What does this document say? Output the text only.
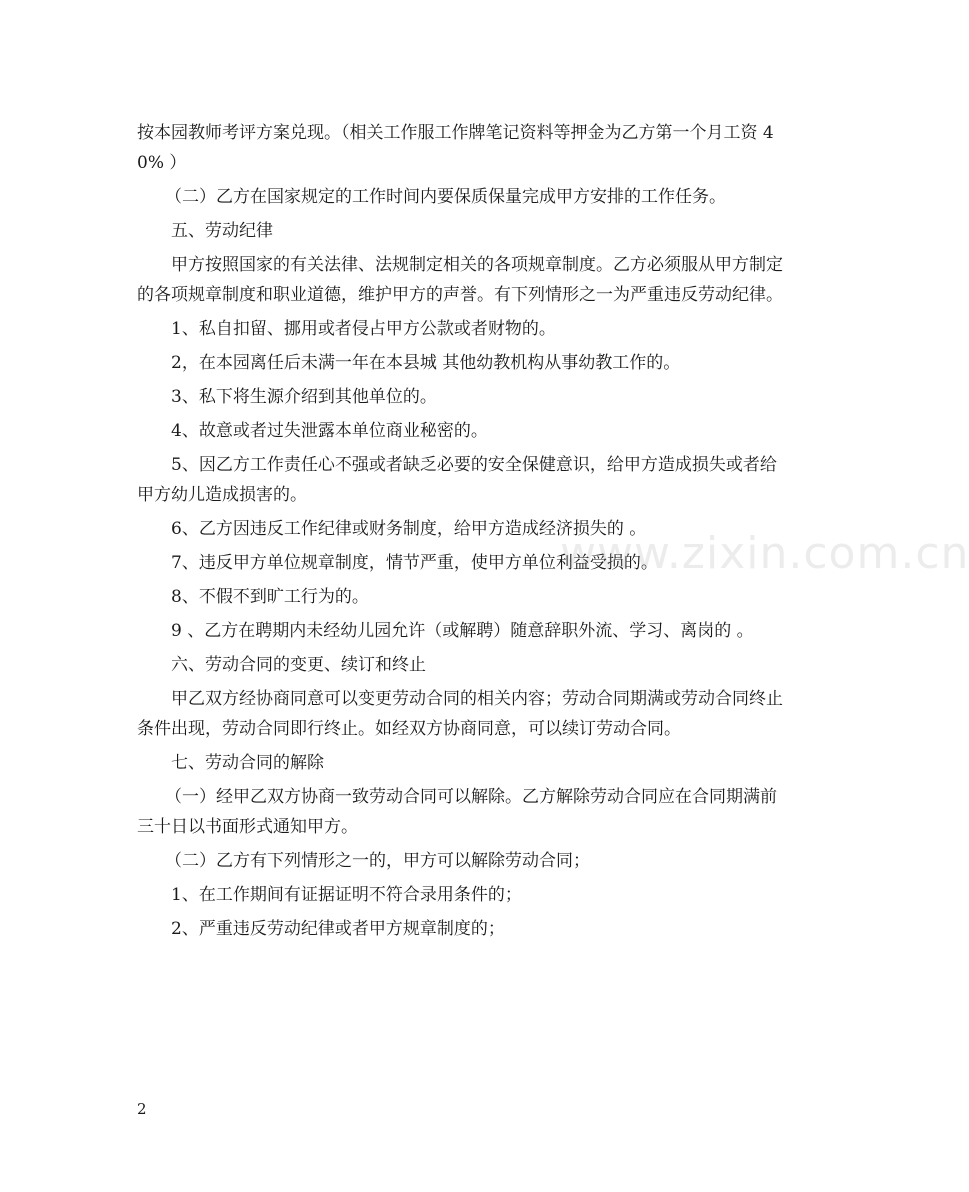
按本园教师考评方案兑现。（相关工作服工作牌笔记资料等押金为乙方第一个月工资 40% ）

（二）乙方在国家规定的工作时间内要保质保量完成甲方安排的工作任务。

五、劳动纪律

甲方按照国家的有关法律、法规制定相关的各项规章制度。乙方必须服从甲方制定的各项规章制度和职业道德，维护甲方的声誉。有下列情形之一为严重违反劳动纪律。

1、私自扣留、挪用或者侵占甲方公款或者财物的。

2，在本园离任后未满一年在本县城 其他幼教机构从事幼教工作的。

3、私下将生源介绍到其他单位的。

4、故意或者过失泄露本单位商业秘密的。

5、因乙方工作责任心不强或者缺乏必要的安全保健意识，给甲方造成损失或者给甲方幼儿造成损害的。

6、乙方因违反工作纪律或财务制度，给甲方造成经济损失的 。

7、违反甲方单位规章制度，情节严重，使甲方单位利益受损的。

8、不假不到旷工行为的。

9 、乙方在聘期内未经幼儿园允许（或解聘）随意辞职外流、学习、离岗的 。

六、劳动合同的变更、续订和终止

甲乙双方经协商同意可以变更劳动合同的相关内容；劳动合同期满或劳动合同终止条件出现，劳动合同即行终止。如经双方协商同意，可以续订劳动合同。

七、劳动合同的解除

（一）经甲乙双方协商一致劳动合同可以解除。乙方解除劳动合同应在合同期满前三十日以书面形式通知甲方。

（二）乙方有下列情形之一的，甲方可以解除劳动合同；

1、在工作期间有证据证明不符合录用条件的；

2、严重违反劳动纪律或者甲方规章制度的；

www.zixin.com.cn
2
